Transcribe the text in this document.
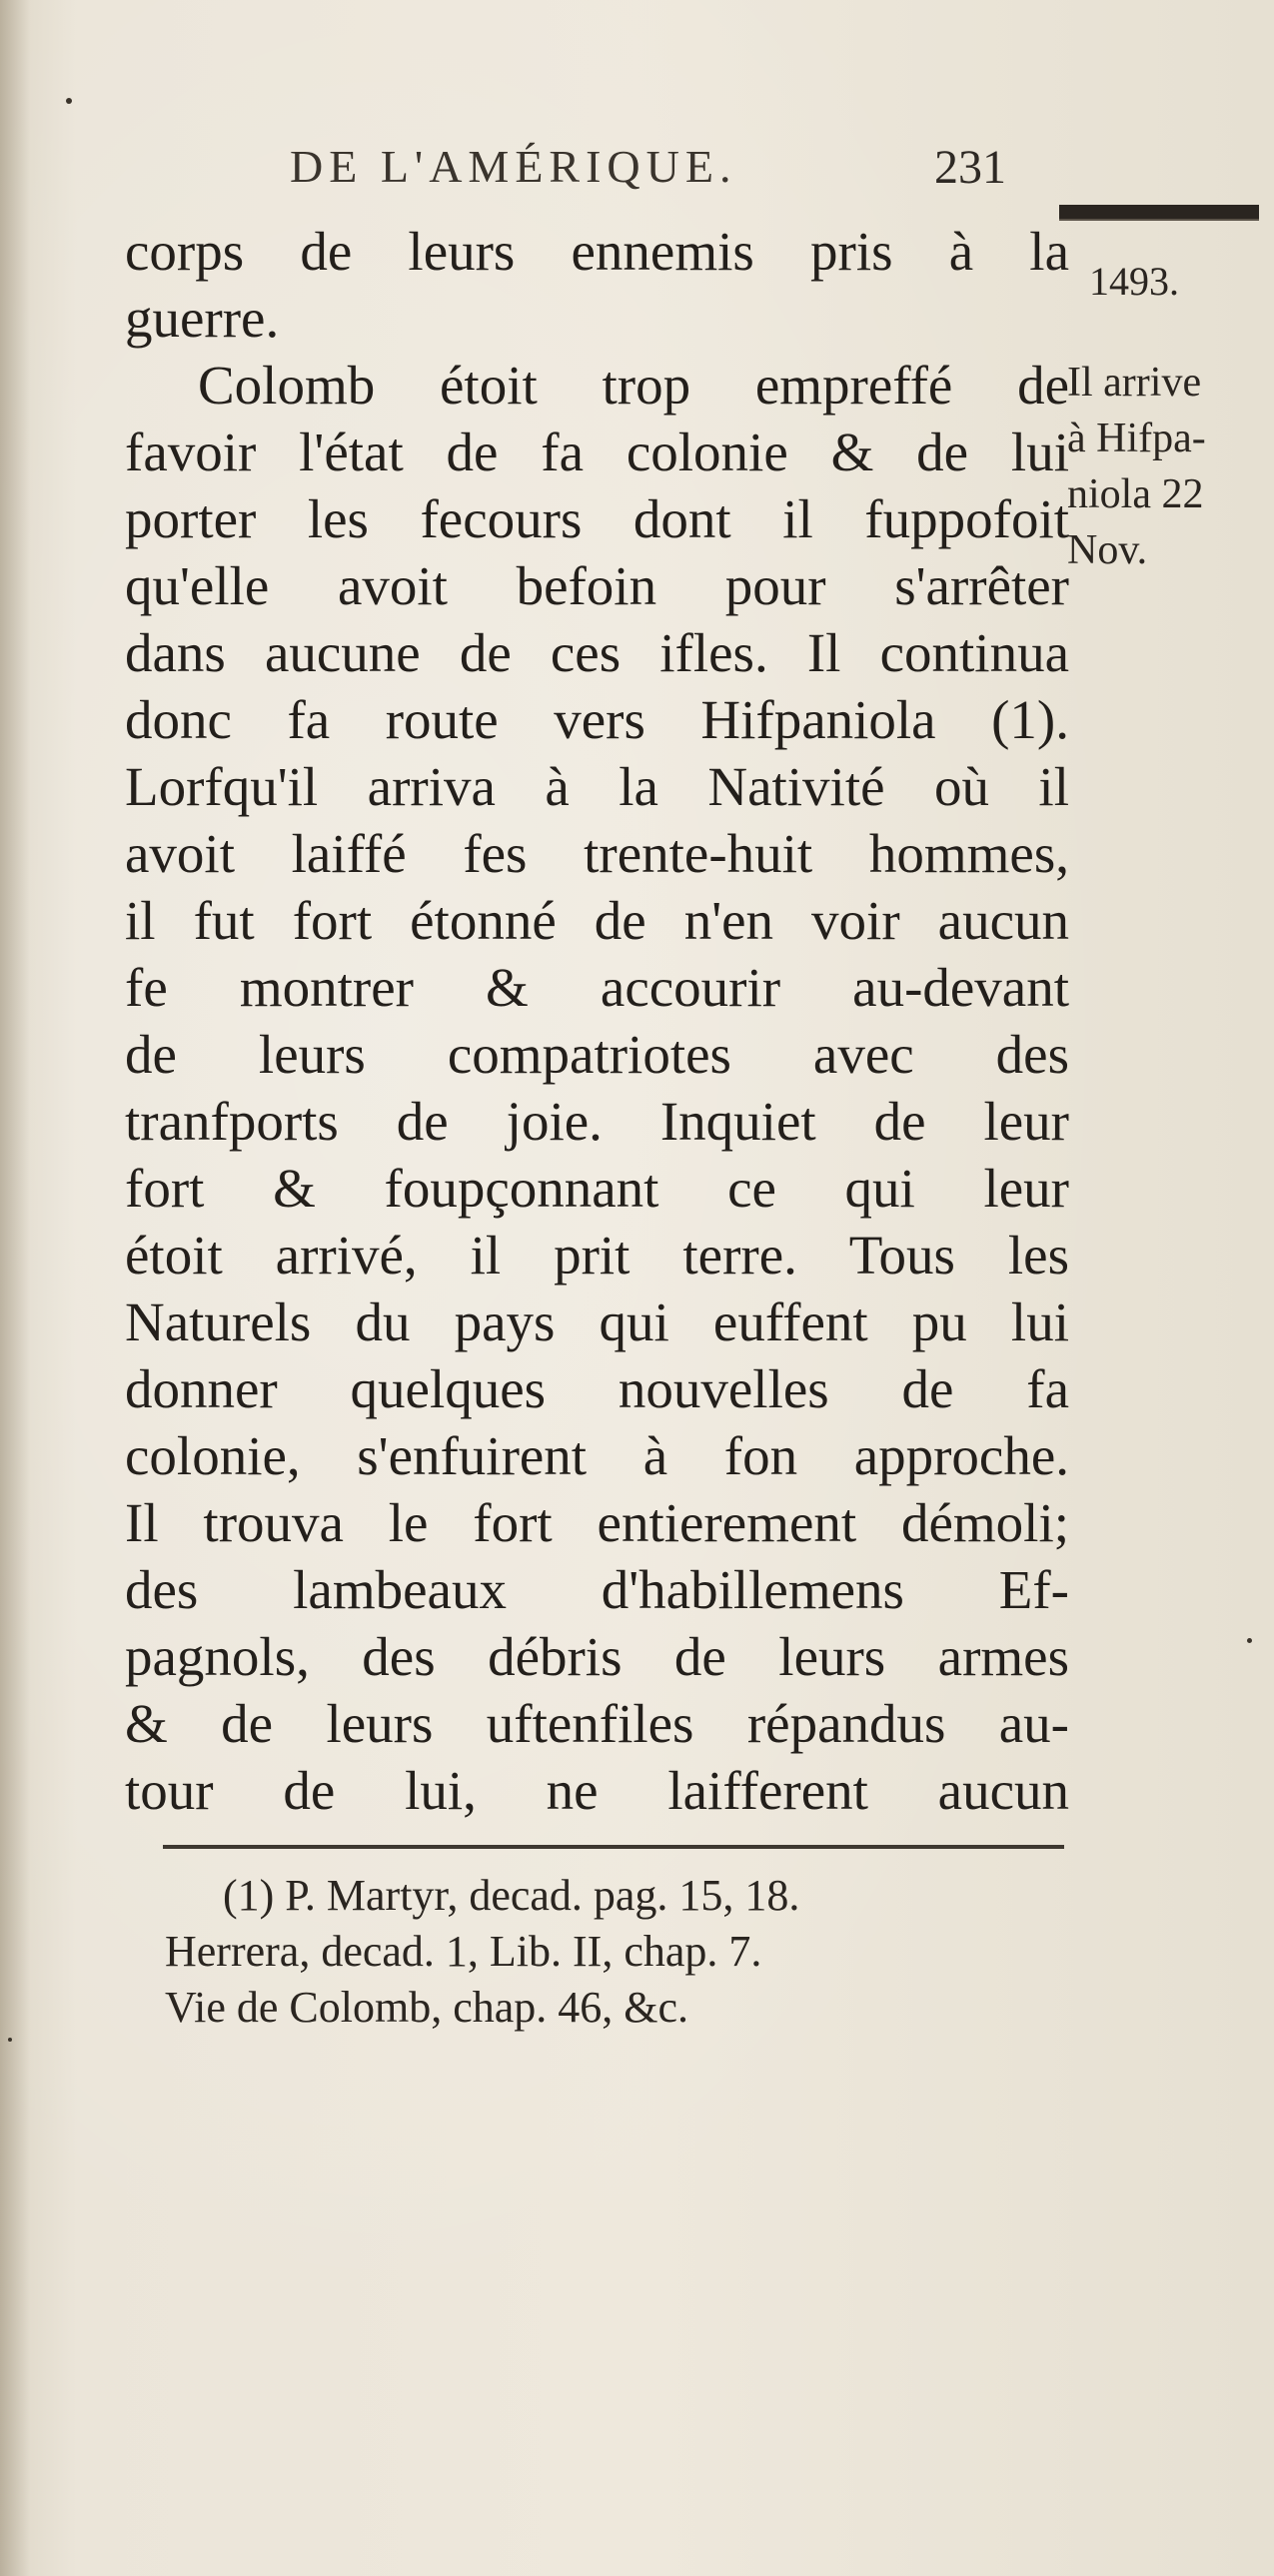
DE L'AMÉRIQUE.	231
1493.
Il arrive
à Hifpa-
niola 22
Nov.
corps de leurs ennemis pris à la
guerre.
Colomb étoit trop empreffé de
favoir l'état de fa colonie & de lui
porter les fecours dont il fuppofoit
qu'elle avoit befoin pour s'arrêter
dans aucune de ces ifles. Il continua
donc fa route vers Hifpaniola (1).
Lorfqu'il arriva à la Nativité où il
avoit laiffé fes trente-huit hommes,
il fut fort étonné de n'en voir aucun
fe montrer & accourir au-devant
de leurs compatriotes avec des
tranfports de joie. Inquiet de leur
fort & foupçonnant ce qui leur
étoit arrivé, il prit terre. Tous les
Naturels du pays qui euffent pu lui
donner quelques nouvelles de fa
colonie, s'enfuirent à fon approche.
Il trouva le fort entierement démoli;
des lambeaux d'habillemens Ef-
pagnols, des débris de leurs armes
& de leurs uftenfiles répandus au-
tour de lui, ne laifferent aucun
(1) P. Martyr, decad. pag. 15, 18.
Herrera, decad. 1, Lib. II, chap. 7.
Vie de Colomb, chap. 46, &c.
